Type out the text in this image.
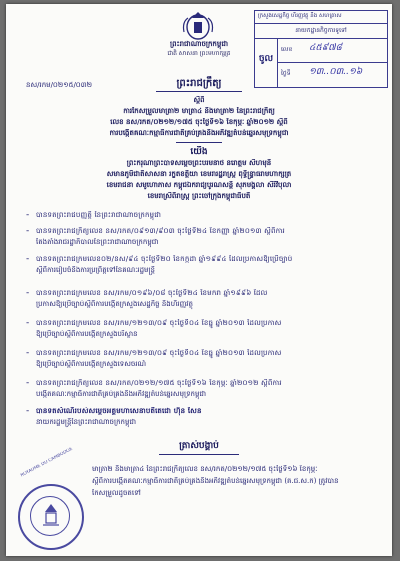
ព្រះរាជាណាចក្រកម្ពុជា
ជាតិ សាសនា ព្រះមហាក្សត្រ
ក្រសួងសេដ្ឋកិច្ច ហិរញ្ញវត្ថុ និង សហគ្រាស
នាយកដ្ឋានកិច្ចការទូទៅ
ចូល
លេខ	៤៥៩៧៨
ថ្ងៃទី	១៣..០៣..១៦
នស/រកម/០២១៥/០៣២	ព្រះរាជក្រឹត្យ
ស្តីពី
ការកែសម្រួលមាត្រា២ មាត្រា៤ និងមាត្រា២ នៃព្រះរាជក្រឹត្យ
លេខ នស/រកត/០២១២/១៧៥ ចុះថ្ងៃទី១៦ ខែកុម្ភៈ ឆ្នាំ២០១២ ស្តីពី
ការបង្កើតគណៈកម្មាធិការជាតិគ្រប់គ្រងនិងអភិវឌ្ឍតំបន់ឆ្នេរសមុទ្រកម្ពុជា
យើង
ព្រះករុណាព្រះបាទសម្តេចព្រះបរមនាថ នរោត្តម សីហមុនី
សមានភូមិជាតិសាសនា រក្ខតខត្តិយា ខេមរារដ្ឋរាស្ត្រ ពុទ្ធិន្ទ្រាធរាមហាក្សត្រ
ខេមរាជនា សមូហោភាស កម្ពុជឯករាជ្យបូរណសន្តិ សុភមង្គលា សិរីវិបុលា
ខេមរាស្រីពិរាស្ត្រ ព្រះចៅក្រុងកម្ពុជាធិបតី
- បានទតព្រះរាជបញ្ញត្តិ នៃព្រះរាជាណាចក្រកម្ពុជា
- បានទតព្រះរាជក្រឹត្យលេខ នស/រកត/០៩១៣/៩០៣ ចុះថ្ងៃទី២៤ ខែកញ្ញា ឆ្នាំ២០១៣ ស្តីពីការ
តែងតាំងរាជរដ្ឋាភិបាលនៃព្រះរាជាណាចក្រកម្ពុជា
- បានទតព្រះរាជក្រមលេខ០២/នស/៩៤ ចុះថ្ងៃទី២០ ខែកក្កដា ឆ្នាំ១៩៩៤ ដែលប្រកាសឱ្យប្រើច្បាប់
ស្តីពីការរៀបចំនិងការប្រព្រឹត្តទៅនៃគណៈរដ្ឋមន្ត្រី
- បានទតព្រះរាជក្រមលេខ នស/រកម/០១៩៦/០៨ ចុះថ្ងៃទី២៤ ខែមករា ឆ្នាំ១៩៩៦ ដែល
ប្រកាសឱ្យប្រើច្បាប់ស្តីពីការបង្កើតក្រសួងសេដ្ឋកិច្ច និងហិរញ្ញវត្ថុ
- បានទតព្រះរាជក្រមលេខ នស/រកម/១២១៣/០៩ ចុះថ្ងៃទី០៤ ខែធ្នូ ឆ្នាំ២០១៣ ដែលប្រកាស
ឱ្យប្រើច្បាប់ស្តីពីការបង្កើតក្រសួងបរិស្ថាន
- បានទតព្រះរាជក្រមលេខ នស/រកម/១២១៣/០៩ ចុះថ្ងៃទី០៤ ខែធ្នូ ឆ្នាំ២០១៣ ដែលប្រកាស
ឱ្យប្រើច្បាប់ស្តីពីការបង្កើតក្រសួងទេសចរណ៍
- បានទតព្រះរាជក្រឹត្យលេខ នស/រកត/០២១២/១៧៥ ចុះថ្ងៃទី១៦ ខែកុម្ភៈ ឆ្នាំ២០១២ ស្តីពីការ
បង្កើតគណៈកម្មាធិការជាតិគ្រប់គ្រងនិងអភិវឌ្ឍតំបន់ឆ្នេរសមុទ្រកម្ពុជា
- បានទតសំណើរបស់សម្តេចអគ្គមហាសេនាបតីតេជោ ហ៊ុន សែន
នាយករដ្ឋមន្ត្រីនៃព្រះរាជាណាចក្រកម្ពុជា
ត្រាស់បង្គាប់
មាត្រា២ និងមាត្រា៤ នៃព្រះរាជក្រឹត្យលេខ នស/រកត/០២១២/១៧៥ ចុះថ្ងៃទី១៦ ខែកុម្ភៈ
ស្តីពីការបង្កើតគណៈកម្មាធិការជាតិគ្រប់គ្រងនិងអភិវឌ្ឍតំបន់ឆ្នេរសមុទ្រកម្ពុជា (គ.ជ.ស.ក) ត្រូវបាន
កែសម្រួលដូចតទៅ
ROYAUME DU CAMBODGE
